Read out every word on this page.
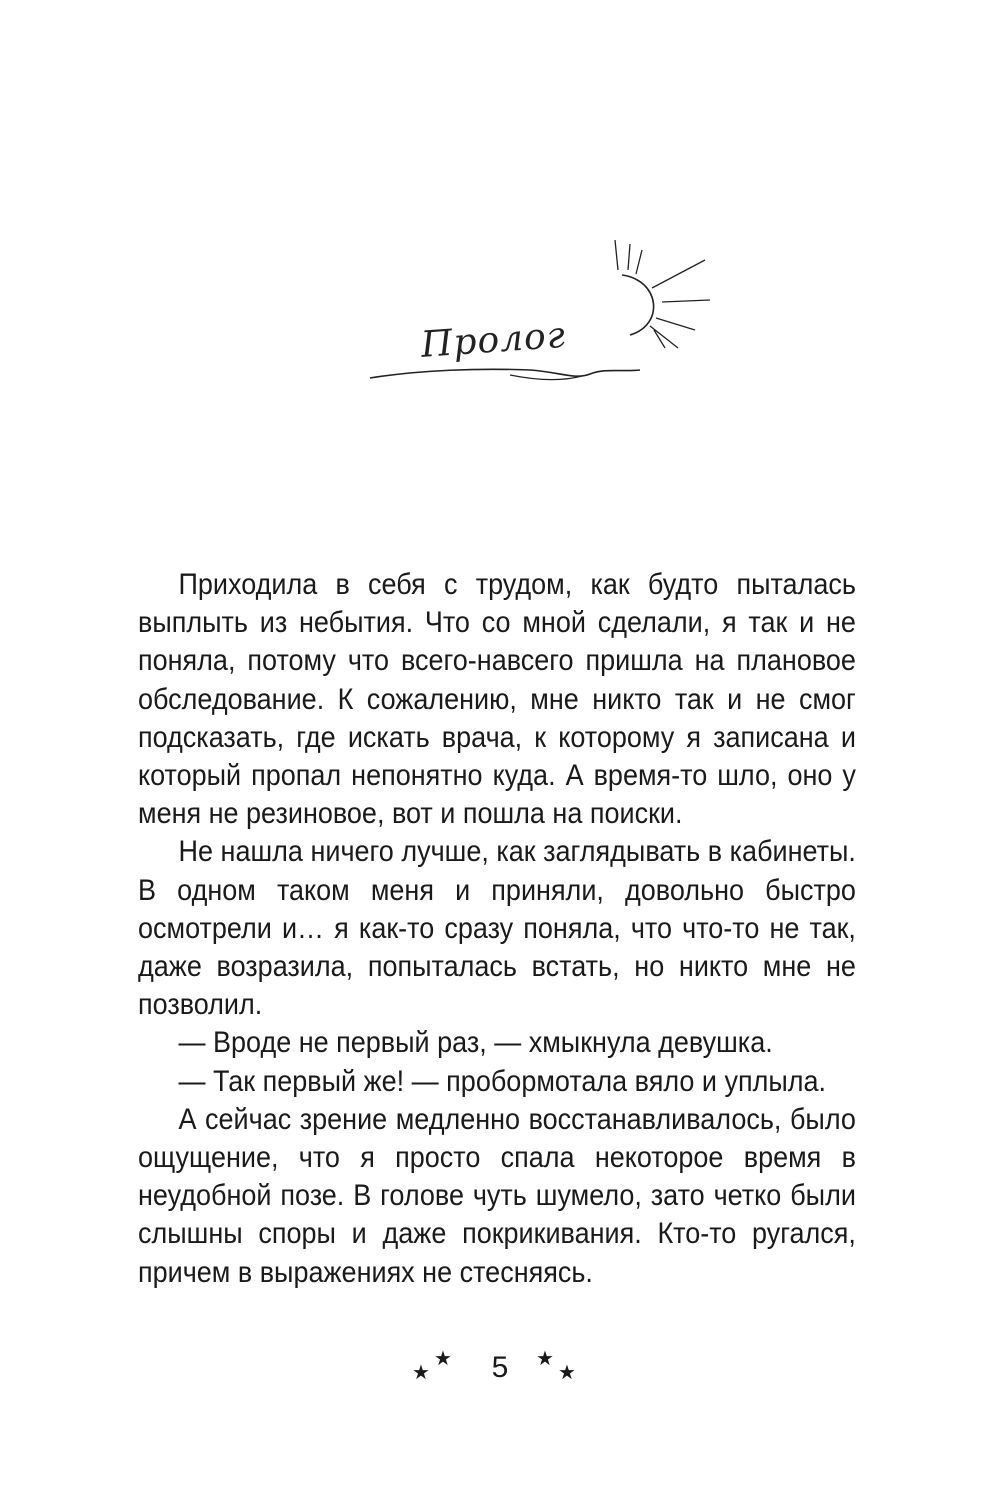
Пролог

Приходила в себя с трудом, как будто пыталась выплыть из небытия. Что со мной сделали, я так и не поняла, потому что всего-навсего пришла на плановое обследование. К сожалению, мне никто так и не смог подсказать, где искать врача, к которому я записана и который пропал непонятно куда. А время-то шло, оно у меня не резиновое, вот и пошла на поиски.

Не нашла ничего лучше, как заглядывать в кабинеты. В одном таком меня и приняли, довольно быстро осмотрели и… я как-то сразу поняла, что что-то не так, даже возразила, попыталась встать, но никто мне не позволил.

— Вроде не первый раз, — хмыкнула девушка.

— Так первый же! — пробормотала вяло и уплыла.

А сейчас зрение медленно восстанавливалось, было ощущение, что я просто спала некоторое время в неудобной позе. В голове чуть шумело, зато четко были слышны споры и даже покрикивания. Кто-то ругался, причем в выражениях не стесняясь.

★
★	5	★
★
